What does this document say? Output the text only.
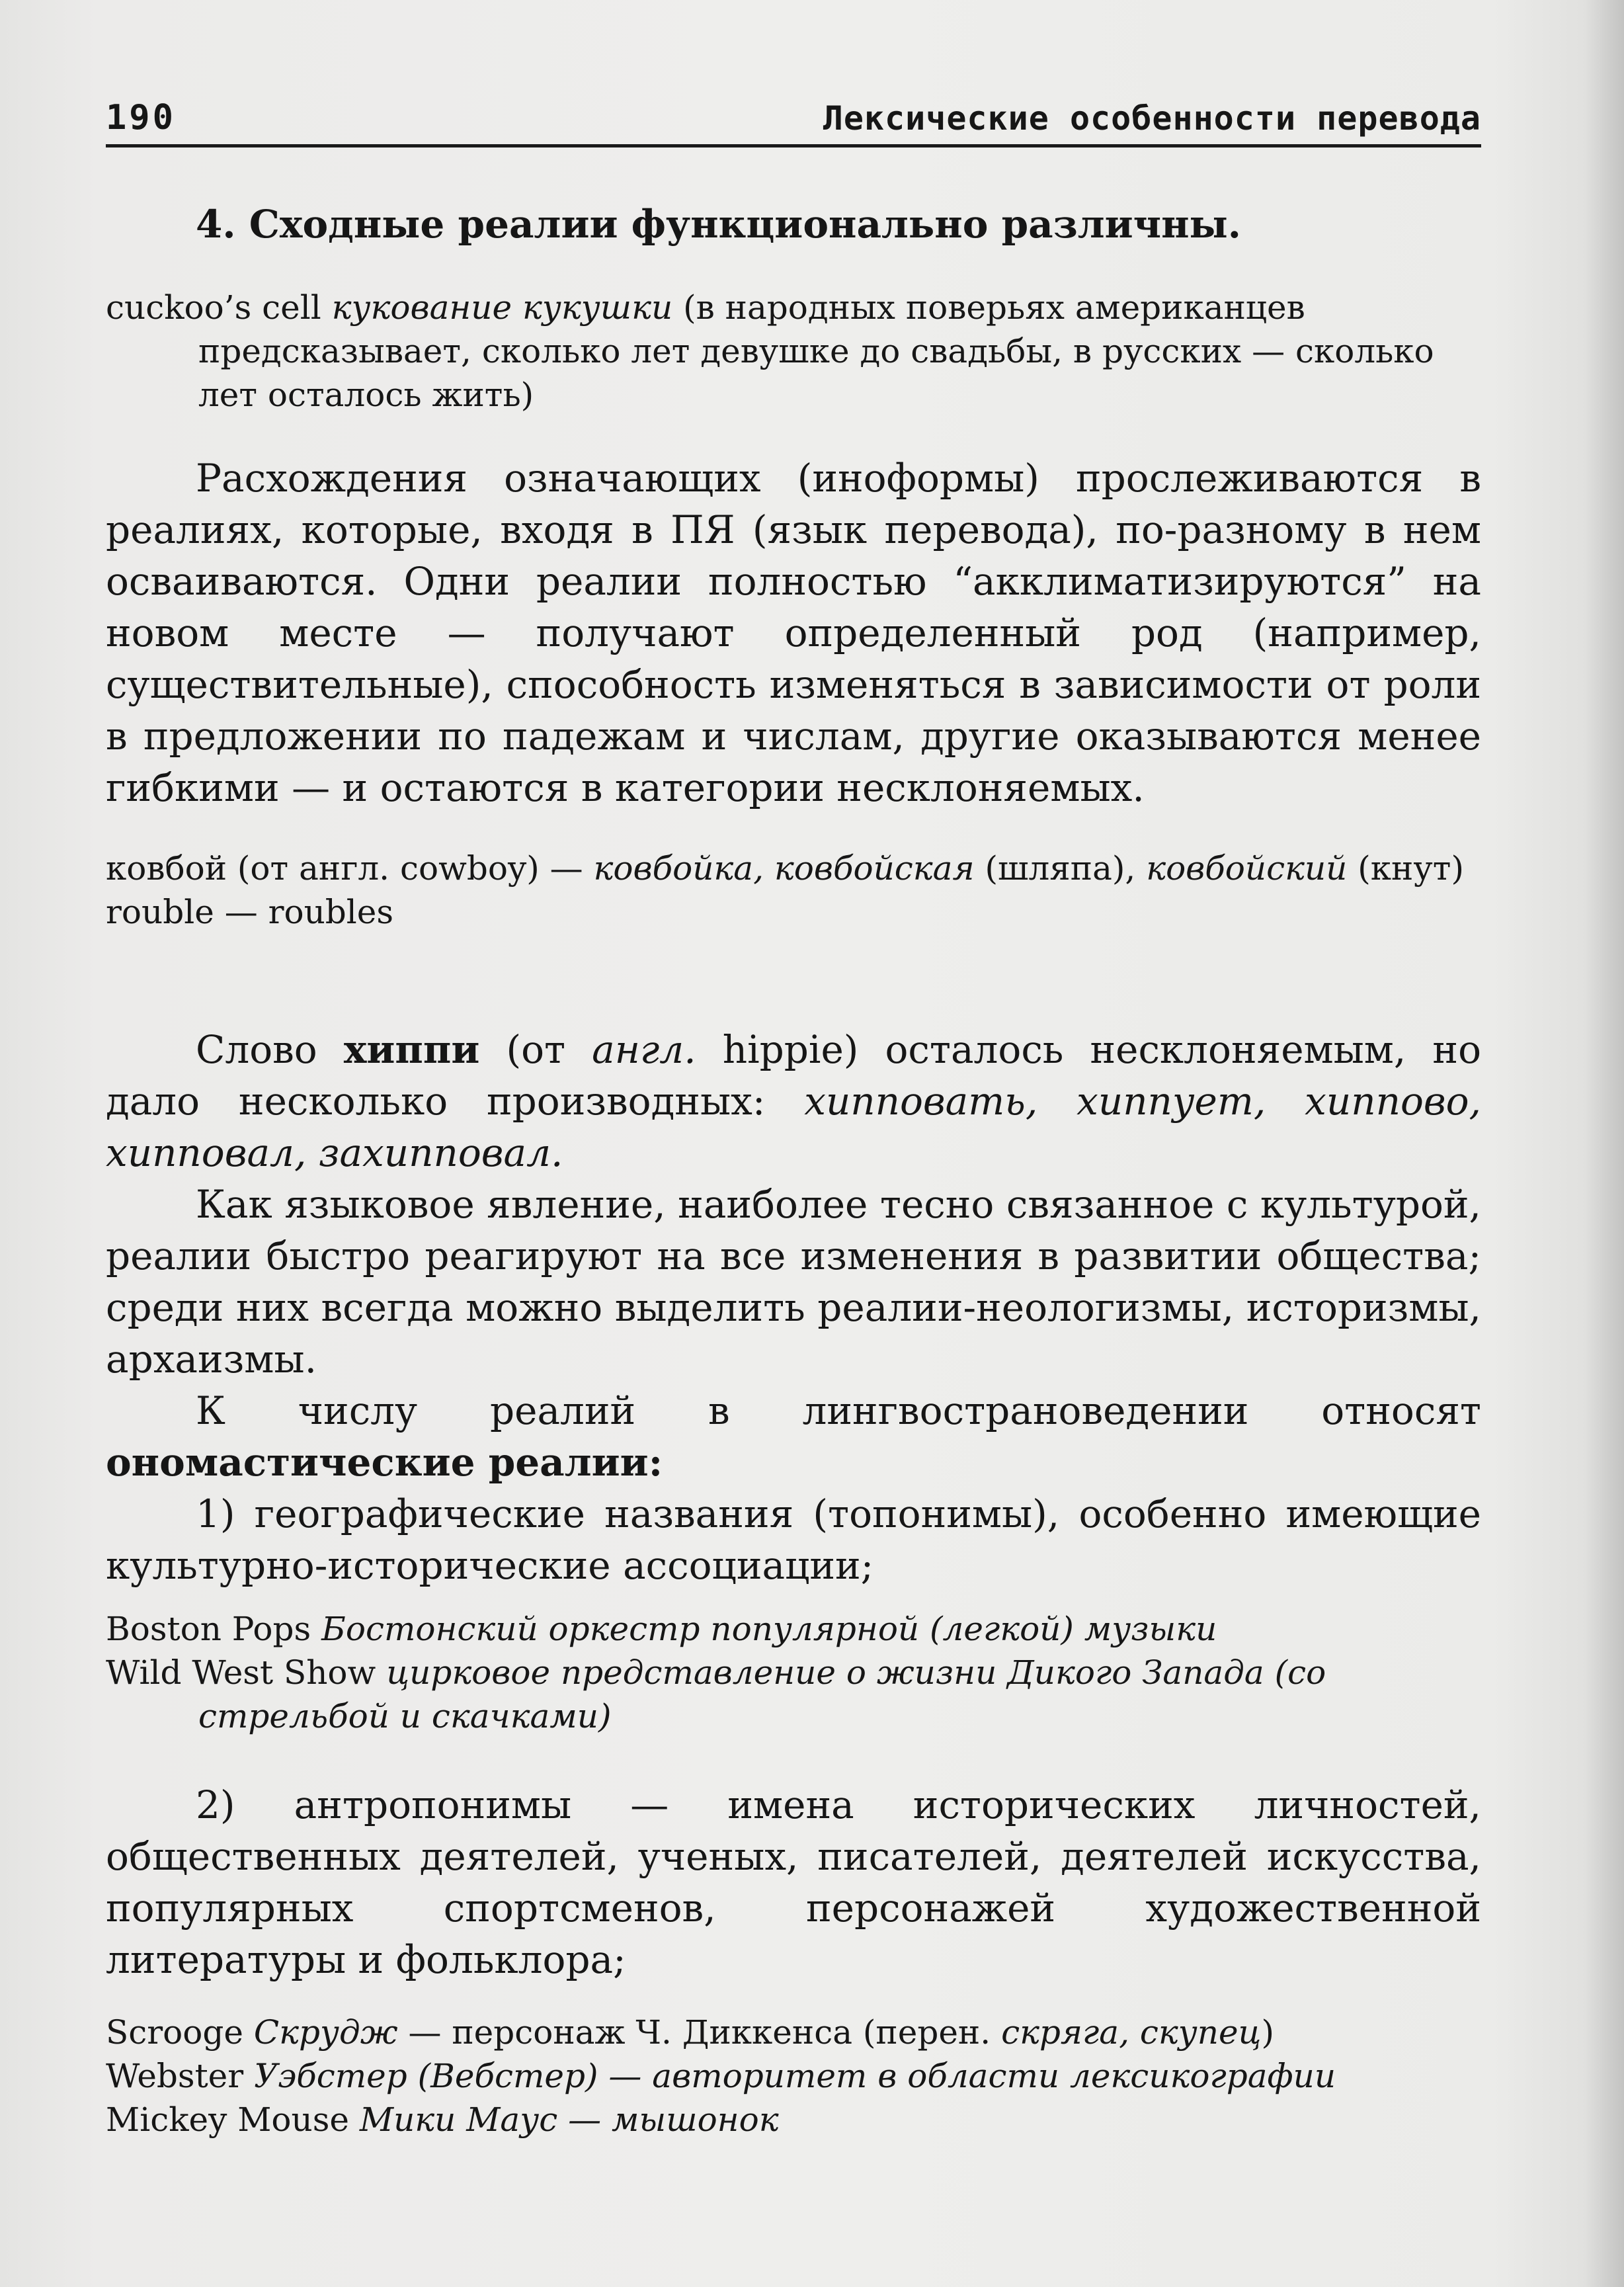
190	Лексические особенности перевода

4. Сходные реалии функционально различны.

cuckoo’s cell кукование кукушки (в народных поверьях американцев предсказывает, сколько лет девушке до свадьбы, в русских — сколько лет осталось жить)

Расхождения означающих (иноформы) прослеживаются в реалиях, которые, входя в ПЯ (язык перевода), по-разному в нем осваиваются. Одни реалии полностью “акклиматизируются” на новом месте — получают определенный род (например, существительные), способность изменяться в зависимости от роли в предложении по падежам и числам, другие оказываются менее гибкими — и остаются в категории несклоняемых.

ковбой (от англ. cowboy) — ковбойка, ковбойская (шляпа), ковбойский (кнут)

rouble — roubles

Слово хиппи (от англ. hippie) осталось несклоняемым, но дало несколько производных: хипповать, хиппует, хиппово, хипповал, захипповал.

Как языковое явление, наиболее тесно связанное с культурой, реалии быстро реагируют на все изменения в развитии общества; среди них всегда можно выделить реалии-неологизмы, историзмы, архаизмы.

К числу реалий в лингвострановедении относят ономастические реалии:

1) географические названия (топонимы), особенно имеющие культурно-исторические ассоциации;

Boston Pops Бостонский оркестр популярной (легкой) музыки

Wild West Show цирковое представление о жизни Дикого Запада (со стрельбой и скачками)

2) антропонимы — имена исторических личностей, общественных деятелей, ученых, писателей, деятелей искусства, популярных спортсменов, персонажей художественной литературы и фольклора;

Scrooge Скрудж — персонаж Ч. Диккенса (перен. скряга, скупец)

Webster Уэбстер (Вебстер) — авторитет в области лексикографии

Mickey Mouse Мики Маус — мышонок
